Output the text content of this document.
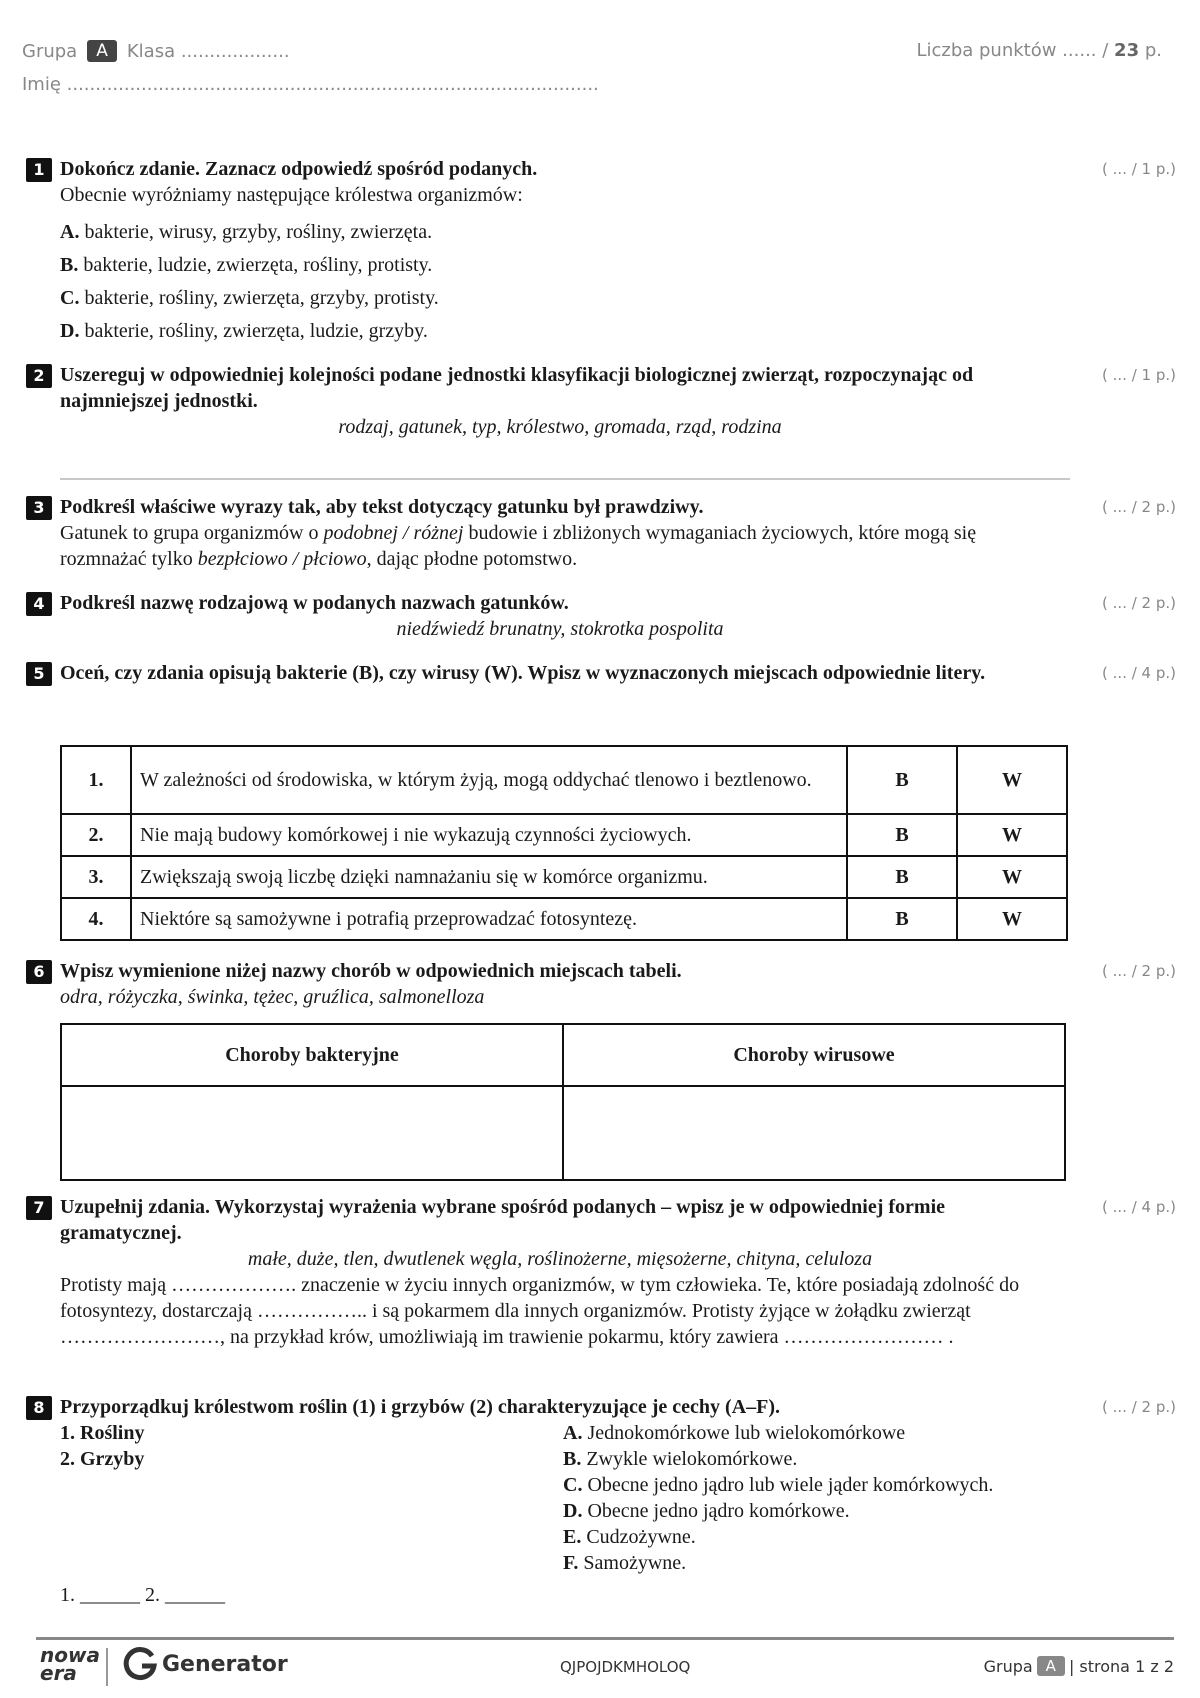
Grupa	A	Klasa ...................
Imię .............................................................................................
Liczba punktów ...... / 23 p.
1 Dokończ zdanie. Zaznacz odpowiedź spośród podanych.	( ... / 1 p.)
Obecnie wyróżniamy następujące królestwa organizmów:
A. bakterie, wirusy, grzyby, rośliny, zwierzęta.
B. bakterie, ludzie, zwierzęta, rośliny, protisty.
C. bakterie, rośliny, zwierzęta, grzyby, protisty.
D. bakterie, rośliny, zwierzęta, ludzie, grzyby.
2 Uszereguj w odpowiedniej kolejności podane jednostki klasyfikacji biologicznej zwierząt, rozpoczynając od najmniejszej jednostki.
( ... / 1 p.)
rodzaj, gatunek, typ, królestwo, gromada, rząd, rodzina
3 Podkreśl właściwe wyrazy tak, aby tekst dotyczący gatunku był prawdziwy.	( ... / 2 p.)
Gatunek to grupa organizmów o podobnej / różnej budowie i zbliżonych wymaganiach życiowych, które mogą się rozmnażać tylko bezpłciowo / płciowo, dając płodne potomstwo.
4 Podkreśl nazwę rodzajową w podanych nazwach gatunków.	( ... / 2 p.)
niedźwiedź brunatny, stokrotka pospolita
5 Oceń, czy zdania opisują bakterie (B), czy wirusy (W). Wpisz w wyznaczonych miejscach odpowiednie litery.	( ... / 4 p.)
1.	W zależności od środowiska, w którym żyją, mogą oddychać tlenowo i beztlenowo.	B	W
2.	Nie mają budowy komórkowej i nie wykazują czynności życiowych.	B	W
3.	Zwiększają swoją liczbę dzięki namnażaniu się w komórce organizmu.	B	W
4.	Niektóre są samożywne i potrafią przeprowadzać fotosyntezę.	B	W
6 Wpisz wymienione niżej nazwy chorób w odpowiednich miejscach tabeli.	( ... / 2 p.)
odra, różyczka, świnka, tężec, gruźlica, salmonelloza
Choroby bakteryjne	Choroby wirusowe

7 Uzupełnij zdania. Wykorzystaj wyrażenia wybrane spośród podanych – wpisz je w odpowiedniej formie gramatycznej.
( ... / 4 p.)
małe, duże, tlen, dwutlenek węgla, roślinożerne, mięsożerne, chityna, celuloza
Protisty mają ………………. znaczenie w życiu innych organizmów, w tym człowieka. Te, które posiadają zdolność do fotosyntezy, dostarczają …………….. i są pokarmem dla innych organizmów. Protisty żyjące w żołądku zwierząt ……………………, na przykład krów, umożliwiają im trawienie pokarmu, który zawiera …………………… .
8 Przyporządkuj królestwom roślin (1) i grzybów (2) charakteryzujące je cechy (A–F).	( ... / 2 p.)
1. Rośliny
2. Grzyby
A. Jednokomórkowe lub wielokomórkowe
B. Zwykle wielokomórkowe.
C. Obecne jedno jądro lub wiele jąder komórkowych.
D. Obecne jedno jądro komórkowe.
E. Cudzożywne.
F. Samożywne.
1. ______ 2. ______
nowa
era	Generator	QJPOJDKMHOLOQ	Grupa A | strona 1 z 2
